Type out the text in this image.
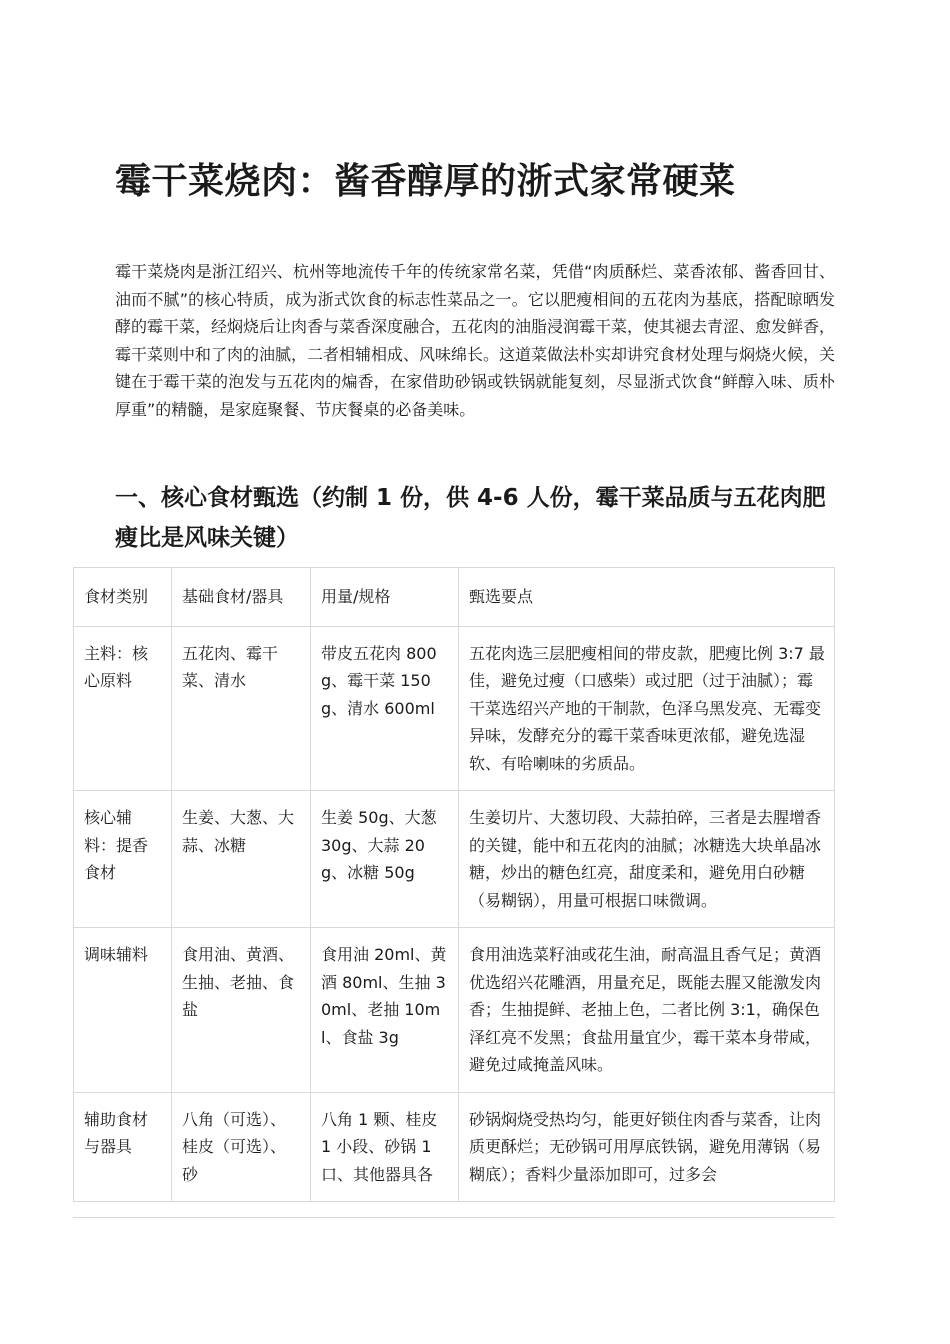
霉干菜烧肉：酱香醇厚的浙式家常硬菜

霉干菜烧肉是浙江绍兴、杭州等地流传千年的传统家常名菜，凭借“肉质酥烂、菜香浓郁、酱香回甘、油而不腻”的核心特质，成为浙式饮食的标志性菜品之一。它以肥瘦相间的五花肉为基底，搭配晾晒发酵的霉干菜，经焖烧后让肉香与菜香深度融合，五花肉的油脂浸润霉干菜，使其褪去青涩、愈发鲜香，霉干菜则中和了肉的油腻，二者相辅相成、风味绵长。这道菜做法朴实却讲究食材处理与焖烧火候，关键在于霉干菜的泡发与五花肉的煸香，在家借助砂锅或铁锅就能复刻，尽显浙式饮食“鲜醇入味、质朴厚重”的精髓，是家庭聚餐、节庆餐桌的必备美味。

一、核心食材甄选（约制 1 份，供 4-6 人份，霉干菜品质与五花肉肥瘦比是风味关键）
食材类别	基础食材/器具	用量/规格	甄选要点
主料：核心原料	五花肉、霉干菜、清水	带皮五花肉 800g、霉干菜 150g、清水 600ml	五花肉选三层肥瘦相间的带皮款，肥瘦比例 3:7 最佳，避免过瘦（口感柴）或过肥（过于油腻）；霉干菜选绍兴产地的干制款，色泽乌黑发亮、无霉变异味，发酵充分的霉干菜香味更浓郁，避免选湿软、有哈喇味的劣质品。
核心辅料：提香食材	生姜、大葱、大蒜、冰糖	生姜 50g、大葱 30g、大蒜 20g、冰糖 50g	生姜切片、大葱切段、大蒜拍碎，三者是去腥增香的关键，能中和五花肉的油腻；冰糖选大块单晶冰糖，炒出的糖色红亮，甜度柔和，避免用白砂糖（易糊锅），用量可根据口味微调。
调味辅料	食用油、黄酒、生抽、老抽、食盐	食用油 20ml、黄酒 80ml、生抽 30ml、老抽 10ml、食盐 3g	食用油选菜籽油或花生油，耐高温且香气足；黄酒优选绍兴花雕酒，用量充足，既能去腥又能激发肉香；生抽提鲜、老抽上色，二者比例 3:1，确保色泽红亮不发黑；食盐用量宜少，霉干菜本身带咸，避免过咸掩盖风味。
辅助食材与器具	八角（可选）、桂皮（可选）、砂	八角 1 颗、桂皮 1 小段、砂锅 1 口、其他器具各	砂锅焖烧受热均匀，能更好锁住肉香与菜香，让肉质更酥烂；无砂锅可用厚底铁锅，避免用薄锅（易糊底）；香料少量添加即可，过多会
